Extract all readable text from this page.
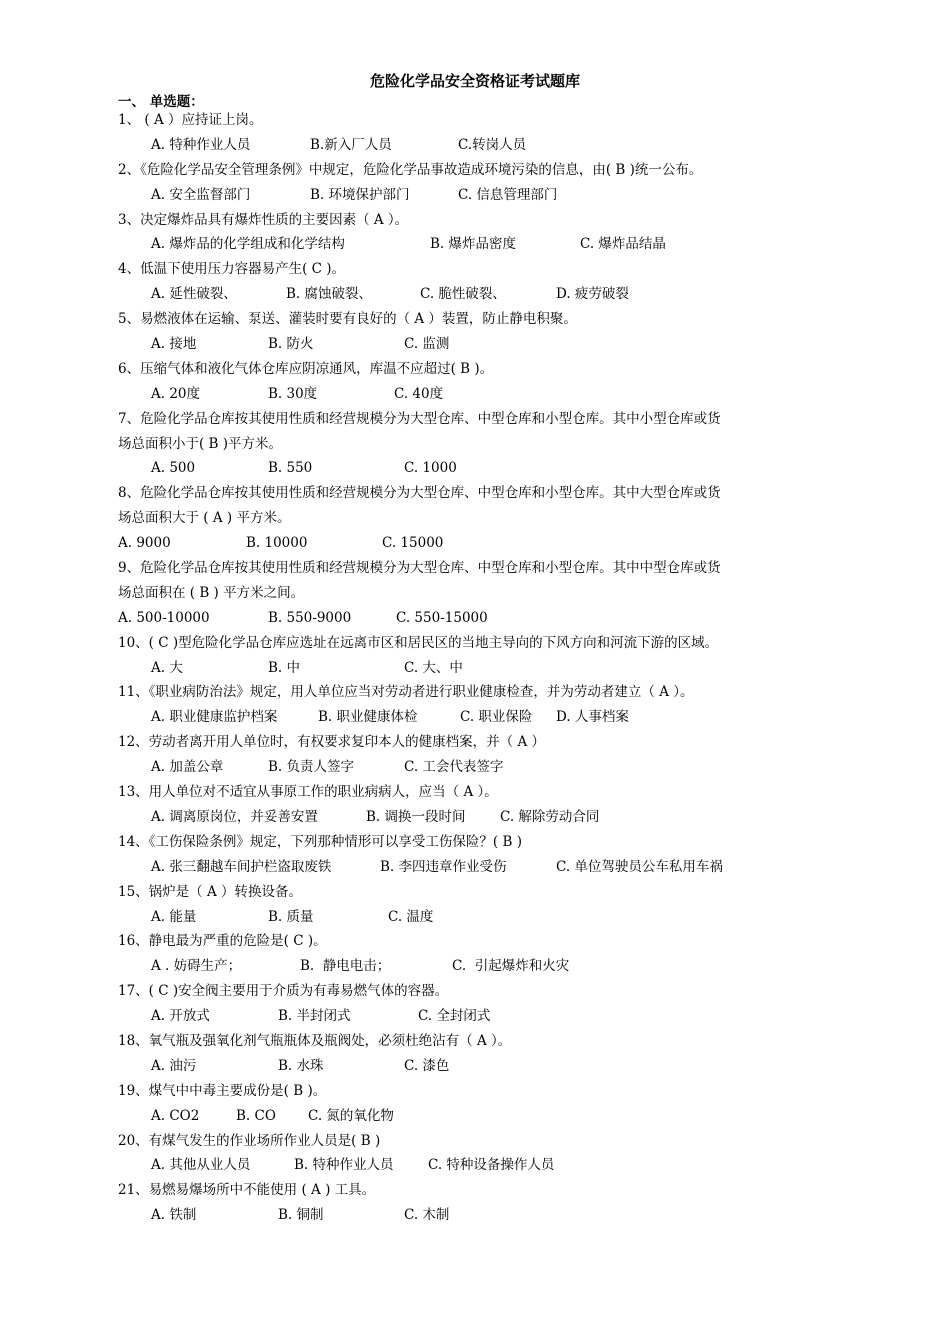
危险化学品安全资格证考试题库
一、 单选题：
1、 ( A ）应持证上岗。
A. 特种作业人员	B.新入厂人员	C.转岗人员
2、《危险化学品安全管理条例》中规定，危险化学品事故造成环境污染的信息，由( B )统一公布。
A. 安全监督部门	B. 环境保护部门	C. 信息管理部门
3、决定爆炸品具有爆炸性质的主要因素（ A ）。
A. 爆炸品的化学组成和化学结构	B. 爆炸品密度	C. 爆炸品结晶
4、低温下使用压力容器易产生( C )。
A. 延性破裂、	B. 腐蚀破裂、	C. 脆性破裂、	D. 疲劳破裂
5、易燃液体在运输、泵送、灌装时要有良好的（ A ）装置，防止静电积聚。
A. 接地	B. 防火	C. 监测
6、压缩气体和液化气体仓库应阴凉通风，库温不应超过( B )。
A. 20度	B. 30度	C. 40度
7、危险化学品仓库按其使用性质和经营规模分为大型仓库、中型仓库和小型仓库。其中小型仓库或货
场总面积小于( B )平方米。
A. 500	B. 550	C. 1000
8、危险化学品仓库按其使用性质和经营规模分为大型仓库、中型仓库和小型仓库。其中大型仓库或货
场总面积大于 ( A ) 平方米。
A. 9000	B. 10000	C. 15000
9、危险化学品仓库按其使用性质和经营规模分为大型仓库、中型仓库和小型仓库。其中中型仓库或货
场总面积在 ( B ) 平方米之间。
A. 500-10000	B. 550-9000	C. 550-15000
10、( C )型危险化学品仓库应选址在远离市区和居民区的当地主导向的下风方向和河流下游的区域。
A. 大	B. 中	C. 大、中
11、《职业病防治法》规定，用人单位应当对劳动者进行职业健康检查，并为劳动者建立（ A ）。
A. 职业健康监护档案	B. 职业健康体检	C. 职业保险 D. 人事档案
12、劳动者离开用人单位时，有权要求复印本人的健康档案，并（ A ）
A. 加盖公章	B. 负责人签字	C. 工会代表签字
13、用人单位对不适宜从事原工作的职业病病人，应当（ A ）。
A. 调离原岗位，并妥善安置	B. 调换一段时间	C. 解除劳动合同
14、《工伤保险条例》规定，下列那种情形可以享受工伤保险？( B )
A. 张三翻越车间护栏盗取废铁	B. 李四违章作业受伤	C. 单位驾驶员公车私用车祸
15、锅炉是（ A ）转换设备。
A. 能量	B. 质量	C. 温度
16、静电最为严重的危险是( C )。
A . 妨碍生产；	B.  静电电击；	C.  引起爆炸和火灾
17、( C )安全阀主要用于介质为有毒易燃气体的容器。
A. 开放式	B. 半封闭式	C. 全封闭式
18、氧气瓶及强氧化剂气瓶瓶体及瓶阀处，必须杜绝沾有（ A ）。
A. 油污	B. 水珠	C. 漆色
19、煤气中中毒主要成份是( B )。
A. CO2	B. CO C. 氮的氧化物
20、有煤气发生的作业场所作业人员是( B )
A. 其他从业人员	B. 特种作业人员	C. 特种设备操作人员
21、易燃易爆场所中不能使用 ( A ) 工具。
A. 铁制	B. 铜制	C. 木制
